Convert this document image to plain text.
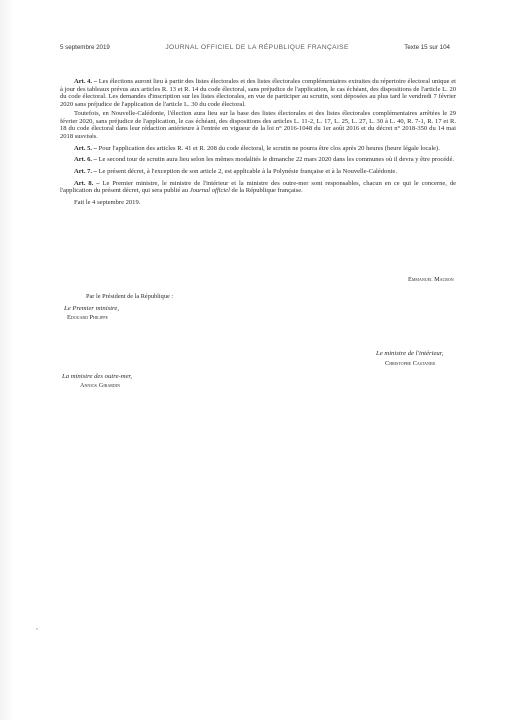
5 septembre 2019	JOURNAL OFFICIEL DE LA RÉPUBLIQUE FRANÇAISE	Texte 15 sur 104

Art. 4. – Les élections auront lieu à partir des listes électorales et des listes électorales complémentaires extraites du répertoire électoral unique et à jour des tableaux prévus aux articles R. 13 et R. 14 du code électoral, sans préjudice de l'application, le cas échéant, des dispositions de l'article L. 20 du code électoral. Les demandes d'inscription sur les listes électorales, en vue de participer au scrutin, sont déposées au plus tard le vendredi 7 février 2020 sans préjudice de l'application de l'article L. 30 du code électoral.

Toutefois, en Nouvelle-Calédonie, l'élection aura lieu sur la base des listes électorales et des listes électorales complémentaires arrêtées le 29 février 2020, sans préjudice de l'application, le cas échéant, des dispositions des articles L. 11-2, L. 17, L. 25, L. 27, L. 30 à L. 40, R. 7-1, R. 17 et R. 18 du code électoral dans leur rédaction antérieure à l'entrée en vigueur de la loi n° 2016-1048 du 1er août 2016 et du décret n° 2018-350 du 14 mai 2018 susvisés.

Art. 5. – Pour l'application des articles R. 41 et R. 208 du code électoral, le scrutin ne pourra être clos après 20 heures (heure légale locale).

Art. 6. – Le second tour de scrutin aura lieu selon les mêmes modalités le dimanche 22 mars 2020 dans les communes où il devra y être procédé.

Art. 7. – Le présent décret, à l'exception de son article 2, est applicable à la Polynésie française et à la Nouvelle-Calédonie.

Art. 8. – Le Premier ministre, le ministre de l'intérieur et la ministre des outre-mer sont responsables, chacun en ce qui le concerne, de l'application du présent décret, qui sera publié au Journal officiel de la République française.

Fait le 4 septembre 2019.

Emmanuel Macron
Par le Président de la République :
Le Premier ministre,
Edouard Philippe
Le ministre de l'intérieur,
Christophe Castaner
La ministre des outre-mer,
Annick Girardin
